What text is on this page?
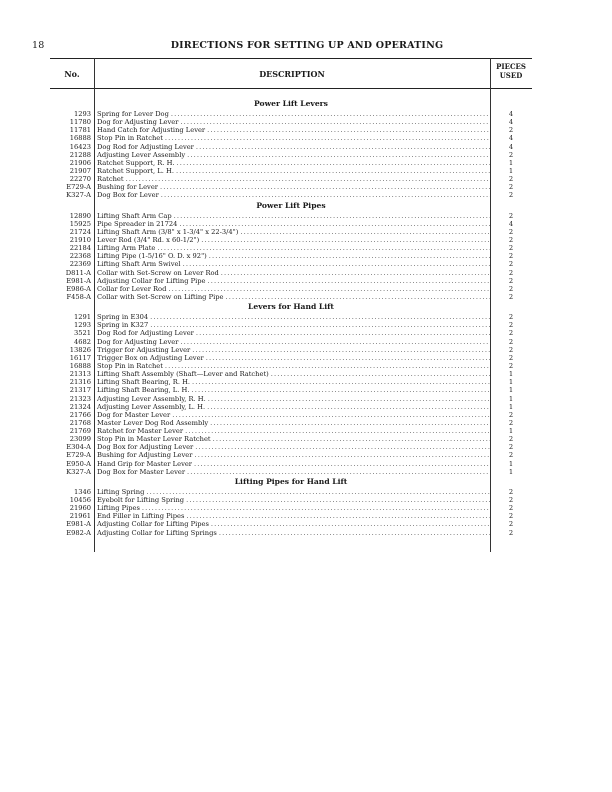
18	DIRECTIONS FOR SETTING UP AND OPERATING
No.	DESCRIPTION
PIECES
USED
Power Lift Levers
1293 Spring for Lever Dog . . .	4
11780 Dog for Adjusting Lever . . .	4
11781 Hand Catch for Adjusting Lever . . .	2
16888 Stop Pin in Ratchet . . .	4
16423 Dog Rod for Adjusting Lever . . .	4
21288 Adjusting Lever Assembly . . .	2
21906 Ratchet Support, R. H. . . .	1
21907 Ratchet Support, L. H. . . .	1
22270 Ratchet . . .	2
E729-A Bushing for Lever . . .	2
K327-A Dog Box for Lever . . .	2
Power Lift Pipes
12890 Lifting Shaft Arm Cap . . .	2
15925 Pipe Spreader in 21724 . . .	4
21724 Lifting Shaft Arm (3/8" x 1-3/4" x 22-3/4") . . .	2
21910 Lever Rod (3/4" Rd. x 60-1/2") . . .	2
22184 Lifting Arm Plate . . .	2
22368 Lifting Pipe (1-5/16" O. D. x 92") . . .	2
22369 Lifting Shaft Arm Swivel . . .	2
D811-A Collar with Set-Screw on Lever Rod . . .	2
E981-A Adjusting Collar for Lifting Pipe . . .	2
E986-A Collar for Lever Rod . . .	2
F458-A Collar with Set-Screw on Lifting Pipe . . .	2
Levers for Hand Lift
1291 Spring in E304 . . .	2
1293 Spring in K327 . . .	2
3521 Dog Rod for Adjusting Lever . . .	2
4682 Dog for Adjusting Lever . . .	2
13826 Trigger for Adjusting Lever . . .	2
16117 Trigger Box on Adjusting Lever . . .	2
16888 Stop Pin in Ratchet . . .	2
21313 Lifting Shaft Assembly (Shaft—Lever and Ratchet) . . .	1
21316 Lifting Shaft Bearing, R. H. . . .	1
21317 Lifting Shaft Bearing, L. H. . . .	1
21323 Adjusting Lever Assembly, R. H. . . .	1
21324 Adjusting Lever Assembly, L. H. . . .	1
21766 Dog for Master Lever . . .	2
21768 Master Lever Dog Rod Assembly . . .	2
21769 Ratchet for Master Lever . . .	1
23099 Stop Pin in Master Lever Ratchet . . .	2
E304-A Dog Box for Adjusting Lever . . .	2
E729-A Bushing for Adjusting Lever . . .	2
E950-A Hand Grip for Master Lever . . .	1
K327-A Dog Box for Master Lever . . .	1
Lifting Pipes for Hand Lift
1346 Lifting Spring . . .	2
10456 Eyebolt for Lifting Spring . . .	2
21960 Lifting Pipes . . .	2
21961 End Filler in Lifting Pipes . . .	2
E981-A Adjusting Collar for Lifting Pipes . . .	2
E982-A Adjusting Collar for Lifting Springs . . .	2
